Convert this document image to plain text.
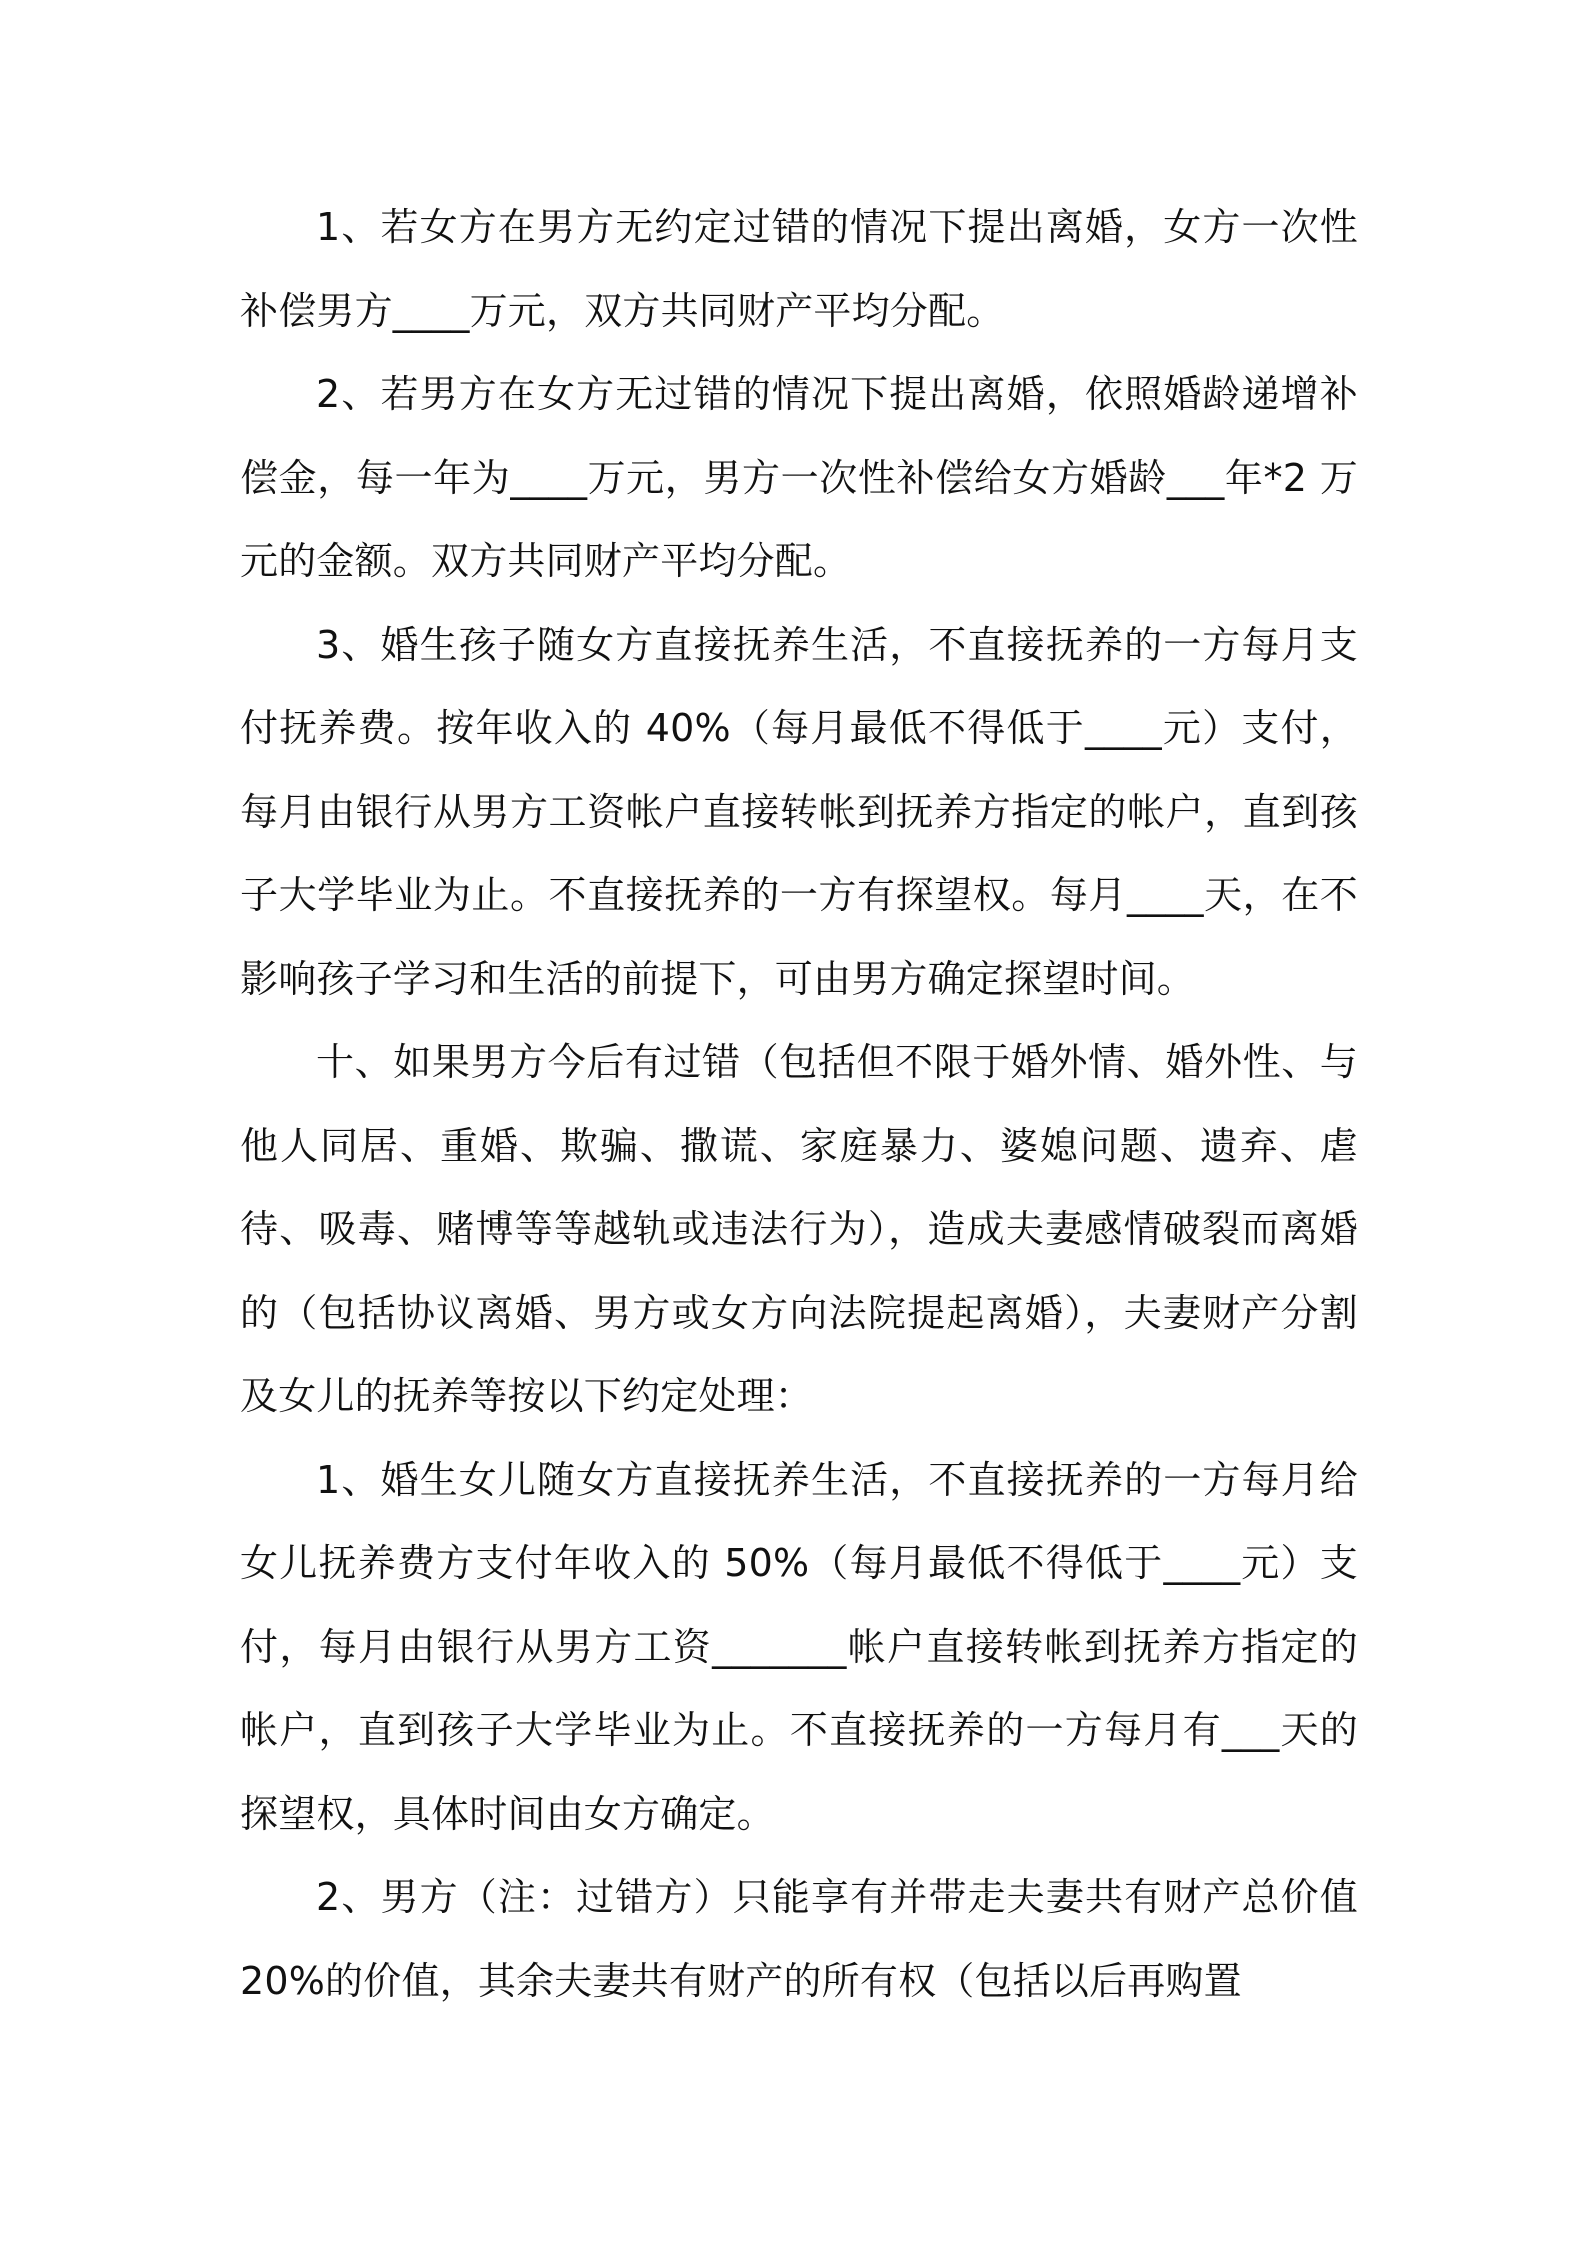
1、若女方在男方无约定过错的情况下提出离婚，女方一次性补偿男方____万元，双方共同财产平均分配。

2、若男方在女方无过错的情况下提出离婚，依照婚龄递增补偿金，每一年为____万元，男方一次性补偿给女方婚龄___年*2 万元的金额。双方共同财产平均分配。

3、婚生孩子随女方直接抚养生活，不直接抚养的一方每月支付抚养费。按年收入的 40%（每月最低不得低于____元）支付，每月由银行从男方工资帐户直接转帐到抚养方指定的帐户，直到孩子大学毕业为止。不直接抚养的一方有探望权。每月____天，在不影响孩子学习和生活的前提下，可由男方确定探望时间。

十、如果男方今后有过错（包括但不限于婚外情、婚外性、与他人同居、重婚、欺骗、撒谎、家庭暴力、婆媳问题、遗弃、虐待、吸毒、赌博等等越轨或违法行为），造成夫妻感情破裂而离婚的（包括协议离婚、男方或女方向法院提起离婚），夫妻财产分割及女儿的抚养等按以下约定处理：

1、婚生女儿随女方直接抚养生活，不直接抚养的一方每月给女儿抚养费方支付年收入的 50%（每月最低不得低于____元）支付，每月由银行从男方工资_______帐户直接转帐到抚养方指定的帐户，直到孩子大学毕业为止。不直接抚养的一方每月有___天的探望权，具体时间由女方确定。

2、男方（注：过错方）只能享有并带走夫妻共有财产总价值 20%的价值，其余夫妻共有财产的所有权（包括以后再购置
